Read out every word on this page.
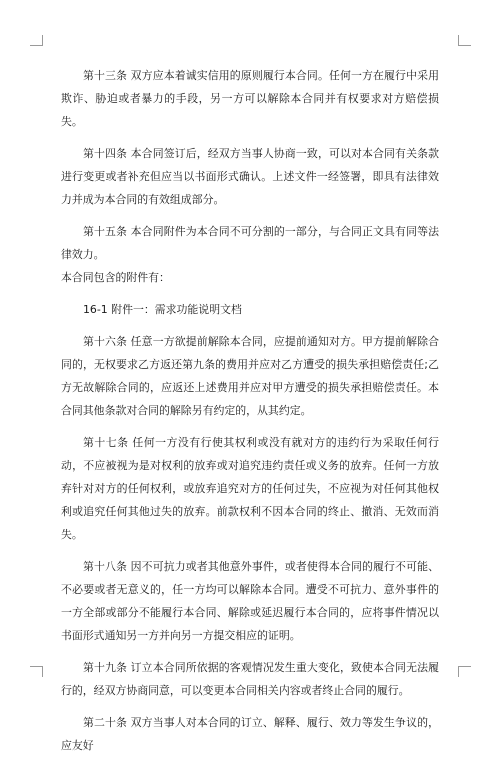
第十三条 双方应本着诚实信用的原则履行本合同。任何一方在履行中采用欺诈、胁迫或者暴力的手段，另一方可以解除本合同并有权要求对方赔偿损失。

第十四条 本合同签订后，经双方当事人协商一致，可以对本合同有关条款进行变更或者补充但应当以书面形式确认。上述文件一经签署，即具有法律效力并成为本合同的有效组成部分。

第十五条 本合同附件为本合同不可分割的一部分，与合同正文具有同等法律效力。

本合同包含的附件有：

16-1 附件一：需求功能说明文档

第十六条 任意一方欲提前解除本合同，应提前通知对方。甲方提前解除合同的，无权要求乙方返还第九条的费用并应对乙方遭受的损失承担赔偿责任;乙方无故解除合同的，应返还上述费用并应对甲方遭受的损失承担赔偿责任。本合同其他条款对合同的解除另有约定的，从其约定。

第十七条 任何一方没有行使其权利或没有就对方的违约行为采取任何行动，不应被视为是对权利的放弃或对追究违约责任或义务的放弃。任何一方放弃针对对方的任何权利，或放弃追究对方的任何过失，不应视为对任何其他权利或追究任何其他过失的放弃。前款权利不因本合同的终止、撤消、无效而消失。

第十八条 因不可抗力或者其他意外事件，或者使得本合同的履行不可能、不必要或者无意义的，任一方均可以解除本合同。遭受不可抗力、意外事件的一方全部或部分不能履行本合同、解除或延迟履行本合同的，应将事件情况以书面形式通知另一方并向另一方提交相应的证明。

第十九条 订立本合同所依据的客观情况发生重大变化，致使本合同无法履行的，经双方协商同意，可以变更本合同相关内容或者终止合同的履行。

第二十条 双方当事人对本合同的订立、解释、履行、效力等发生争议的，应友好
